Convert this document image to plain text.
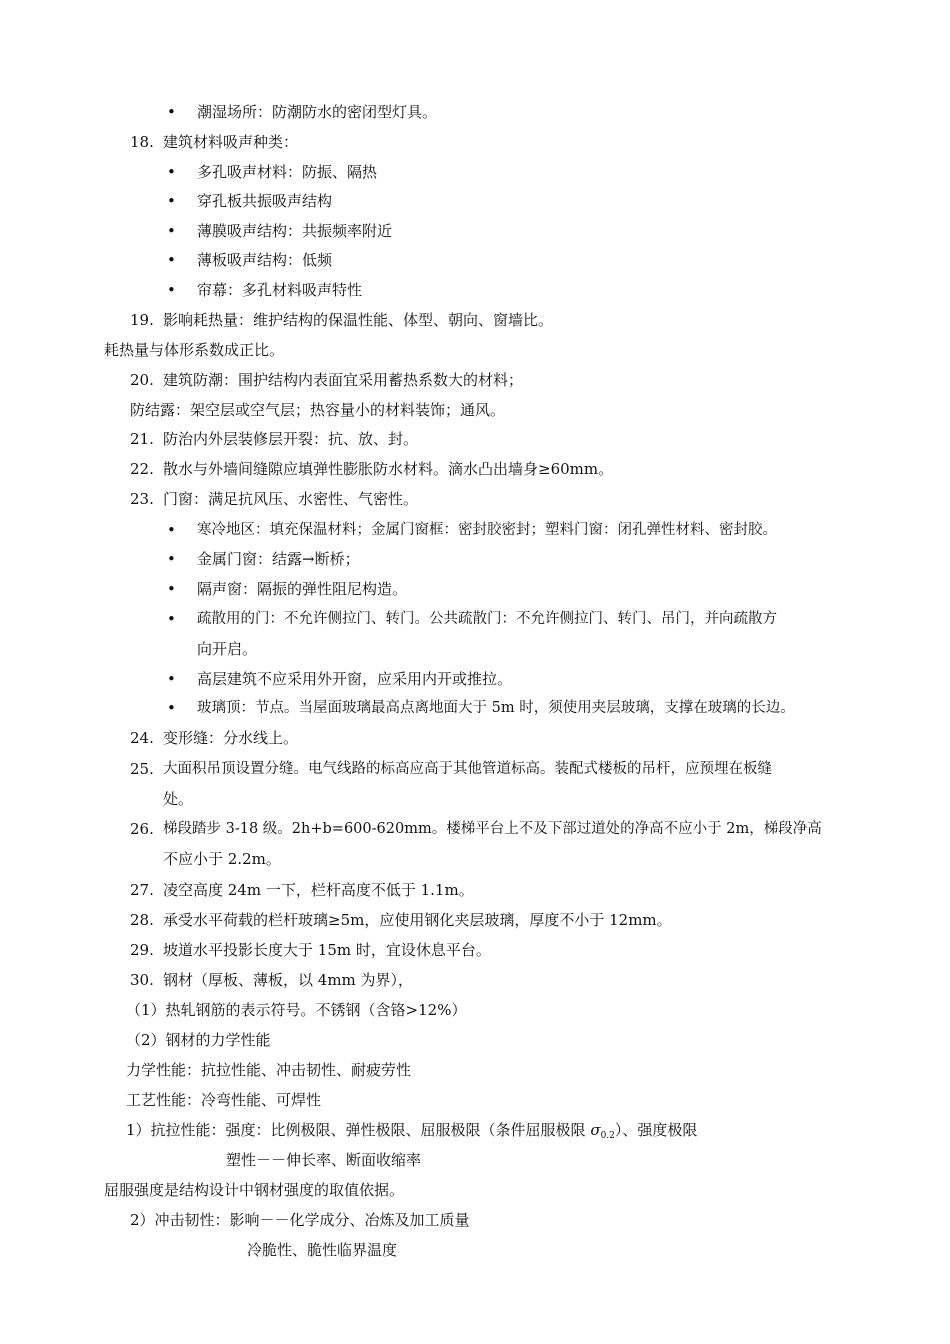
• 潮湿场所：防潮防水的密闭型灯具。
18. 建筑材料吸声种类：
• 多孔吸声材料：防振、隔热
• 穿孔板共振吸声结构
• 薄膜吸声结构：共振频率附近
• 薄板吸声结构：低频
• 帘幕：多孔材料吸声特性
19. 影响耗热量：维护结构的保温性能、体型、朝向、窗墙比。
耗热量与体形系数成正比。
20. 建筑防潮：围护结构内表面宜采用蓄热系数大的材料；
防结露：架空层或空气层；热容量小的材料装饰；通风。
21. 防治内外层装修层开裂：抗、放、封。
22. 散水与外墙间缝隙应填弹性膨胀防水材料。滴水凸出墙身≥60mm。
23. 门窗：满足抗风压、水密性、气密性。
• 寒冷地区：填充保温材料；金属门窗框：密封胶密封；塑料门窗：闭孔弹性材料、密封胶。
• 金属门窗：结露→断桥；
• 隔声窗：隔振的弹性阻尼构造。
• 疏散用的门：不允许侧拉门、转门。公共疏散门：不允许侧拉门、转门、吊门，并向疏散方
向开启。
• 高层建筑不应采用外开窗，应采用内开或推拉。
• 玻璃顶：节点。当屋面玻璃最高点离地面大于 5m 时，须使用夹层玻璃，支撑在玻璃的长边。
24. 变形缝：分水线上。
25. 大面积吊顶设置分缝。电气线路的标高应高于其他管道标高。装配式楼板的吊杆，应预埋在板缝
处。
26. 梯段踏步 3-18 级。2h+b=600-620mm。楼梯平台上不及下部过道处的净高不应小于 2m，梯段净高
不应小于 2.2m。
27. 凌空高度 24m 一下，栏杆高度不低于 1.1m。
28. 承受水平荷载的栏杆玻璃≥5m，应使用钢化夹层玻璃，厚度不小于 12mm。
29. 坡道水平投影长度大于 15m 时，宜设休息平台。
30. 钢材（厚板、薄板，以 4mm 为界），
（1）热轧钢筋的表示符号。不锈钢（含铬>12%）
（2）钢材的力学性能
力学性能：抗拉性能、冲击韧性、耐疲劳性
工艺性能：冷弯性能、可焊性
1）抗拉性能：强度：比例极限、弹性极限、屈服极限（条件屈服极限 $\sigma_{0.2}$）、强度极限
塑性－－伸长率、断面收缩率
屈服强度是结构设计中钢材强度的取值依据。
2）冲击韧性：影响－－化学成分、冶炼及加工质量
冷脆性、脆性临界温度
